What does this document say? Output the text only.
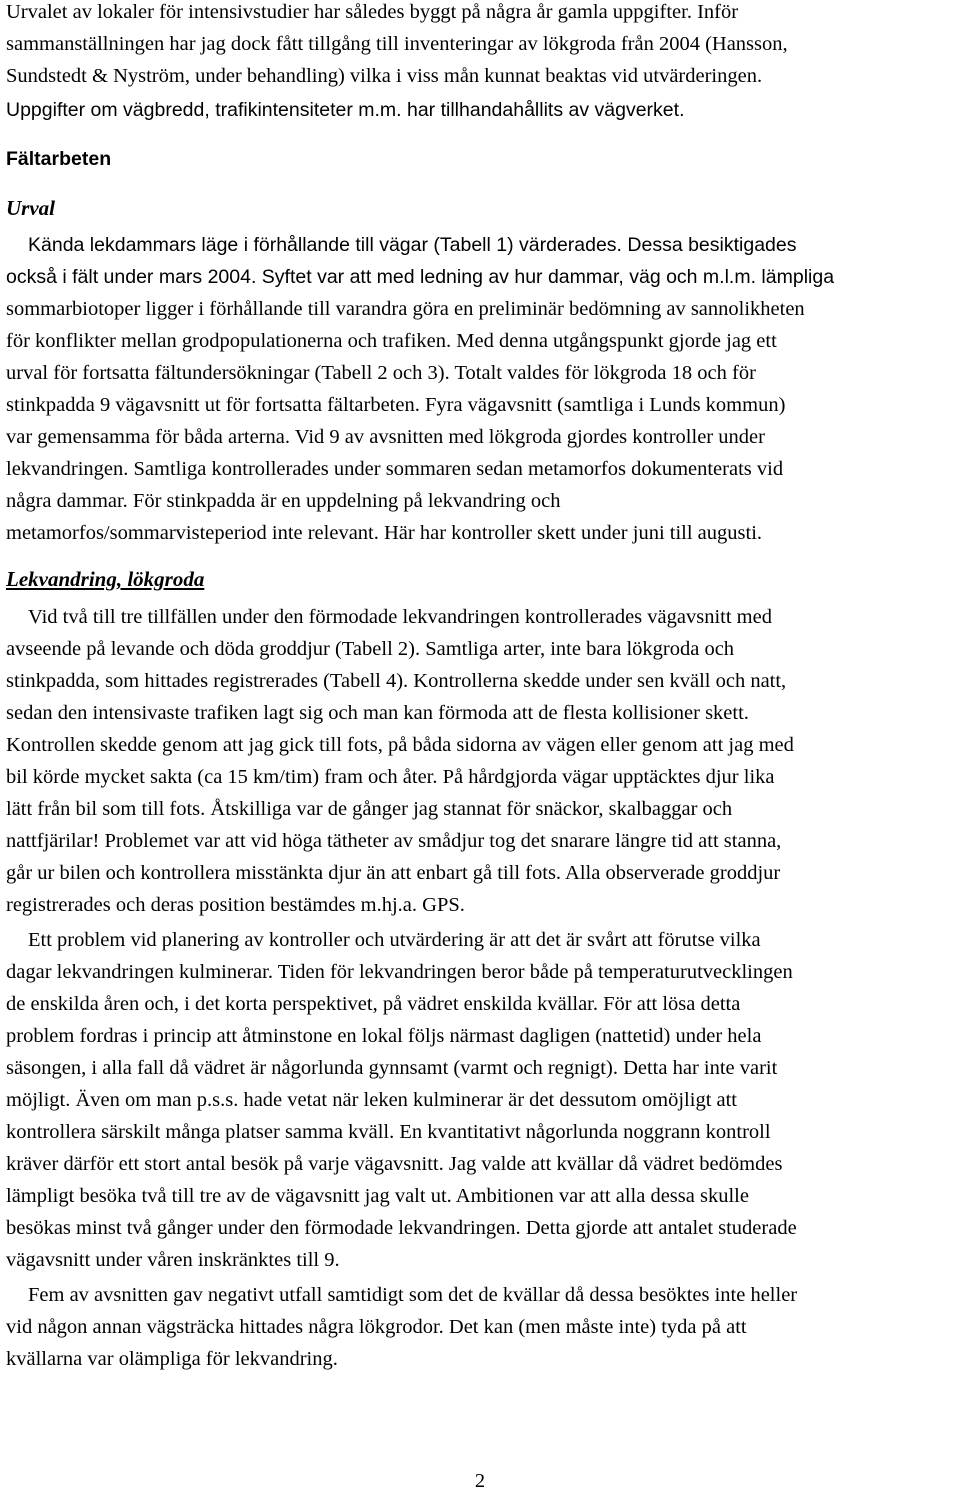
Urvalet av lokaler för intensivstudier har således byggt på några år gamla uppgifter. Inför
sammanställningen har jag dock fått tillgång till inventeringar av lökgroda från 2004 (Hansson,
Sundstedt & Nyström, under behandling) vilka i viss mån kunnat beaktas vid utvärderingen.
Uppgifter om vägbredd, trafikintensiteter m.m. har tillhandahållits av vägverket.
Fältarbeten
Urval
Kända lekdammars läge i förhållande till vägar (Tabell 1) värderades. Dessa besiktigades
också i fält under mars 2004. Syftet var att med ledning av hur dammar, väg och m.l.m. lämpliga
sommarbiotoper ligger i förhållande till varandra göra en preliminär bedömning av sannolikheten
för konflikter mellan grodpopulationerna och trafiken. Med denna utgångspunkt gjorde jag ett
urval för fortsatta fältundersökningar (Tabell 2 och 3). Totalt valdes för lökgroda 18 och för
stinkpadda 9 vägavsnitt ut för fortsatta fältarbeten. Fyra vägavsnitt (samtliga i Lunds kommun)
var gemensamma för båda arterna. Vid 9 av avsnitten med lökgroda gjordes kontroller under
lekvandringen. Samtliga kontrollerades under sommaren sedan metamorfos dokumenterats vid
några dammar. För stinkpadda är en uppdelning på lekvandring och
metamorfos/sommarvisteperiod inte relevant. Här har kontroller skett under juni till augusti.
Lekvandring, lökgroda
Vid två till tre tillfällen under den förmodade lekvandringen kontrollerades vägavsnitt med
avseende på levande och döda groddjur (Tabell 2). Samtliga arter, inte bara lökgroda och
stinkpadda, som hittades registrerades (Tabell 4). Kontrollerna skedde under sen kväll och natt,
sedan den intensivaste trafiken lagt sig och man kan förmoda att de flesta kollisioner skett.
Kontrollen skedde genom att jag gick till fots, på båda sidorna av vägen eller genom att jag med
bil körde mycket sakta (ca 15 km/tim) fram och åter. På hårdgjorda vägar upptäcktes djur lika
lätt från bil som till fots. Åtskilliga var de gånger jag stannat för snäckor, skalbaggar och
nattfjärilar! Problemet var att vid höga tätheter av smådjur tog det snarare längre tid att stanna,
går ur bilen och kontrollera misstänkta djur än att enbart gå till fots. Alla observerade groddjur
registrerades och deras position bestämdes m.hj.a. GPS.
Ett problem vid planering av kontroller och utvärdering är att det är svårt att förutse vilka
dagar lekvandringen kulminerar. Tiden för lekvandringen beror både på temperaturutvecklingen
de enskilda åren och, i det korta perspektivet, på vädret enskilda kvällar. För att lösa detta
problem fordras i princip att åtminstone en lokal följs närmast dagligen (nattetid) under hela
säsongen, i alla fall då vädret är någorlunda gynnsamt (varmt och regnigt). Detta har inte varit
möjligt. Även om man p.s.s. hade vetat när leken kulminerar är det dessutom omöjligt att
kontrollera särskilt många platser samma kväll. En kvantitativt någorlunda noggrann kontroll
kräver därför ett stort antal besök på varje vägavsnitt. Jag valde att kvällar då vädret bedömdes
lämpligt besöka två till tre av de vägavsnitt jag valt ut. Ambitionen var att alla dessa skulle
besökas minst två gånger under den förmodade lekvandringen. Detta gjorde att antalet studerade
vägavsnitt under våren inskränktes till 9.
Fem av avsnitten gav negativt utfall samtidigt som det de kvällar då dessa besöktes inte heller
vid någon annan vägsträcka hittades några lökgrodor. Det kan (men måste inte) tyda på att
kvällarna var olämpliga för lekvandring.
2
